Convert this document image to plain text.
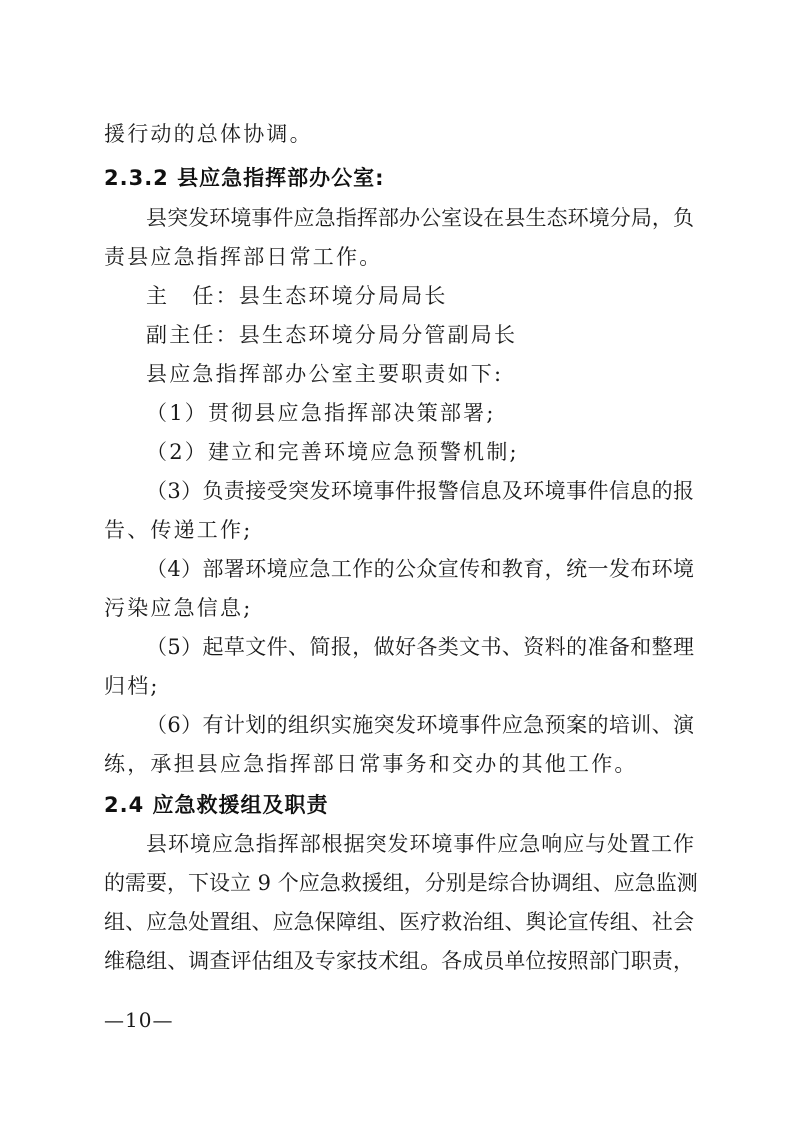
援行动的总体协调。
2.3.2 县应急指挥部办公室:
县突发环境事件应急指挥部办公室设在县生态环境分局，负
责县应急指挥部日常工作。
主　任：县生态环境分局局长
副主任：县生态环境分局分管副局长
县应急指挥部办公室主要职责如下:
（1）贯彻县应急指挥部决策部署;
（2）建立和完善环境应急预警机制;
（3）负责接受突发环境事件报警信息及环境事件信息的报
告、传递工作;
（4）部署环境应急工作的公众宣传和教育，统一发布环境
污染应急信息;
（5）起草文件、简报，做好各类文书、资料的准备和整理
归档;
（6）有计划的组织实施突发环境事件应急预案的培训、演
练，承担县应急指挥部日常事务和交办的其他工作。
2.4 应急救援组及职责
县环境应急指挥部根据突发环境事件应急响应与处置工作
的需要，下设立 9 个应急救援组，分别是综合协调组、应急监测
组、应急处置组、应急保障组、医疗救治组、舆论宣传组、社会
维稳组、调查评估组及专家技术组。各成员单位按照部门职责，
—10—
